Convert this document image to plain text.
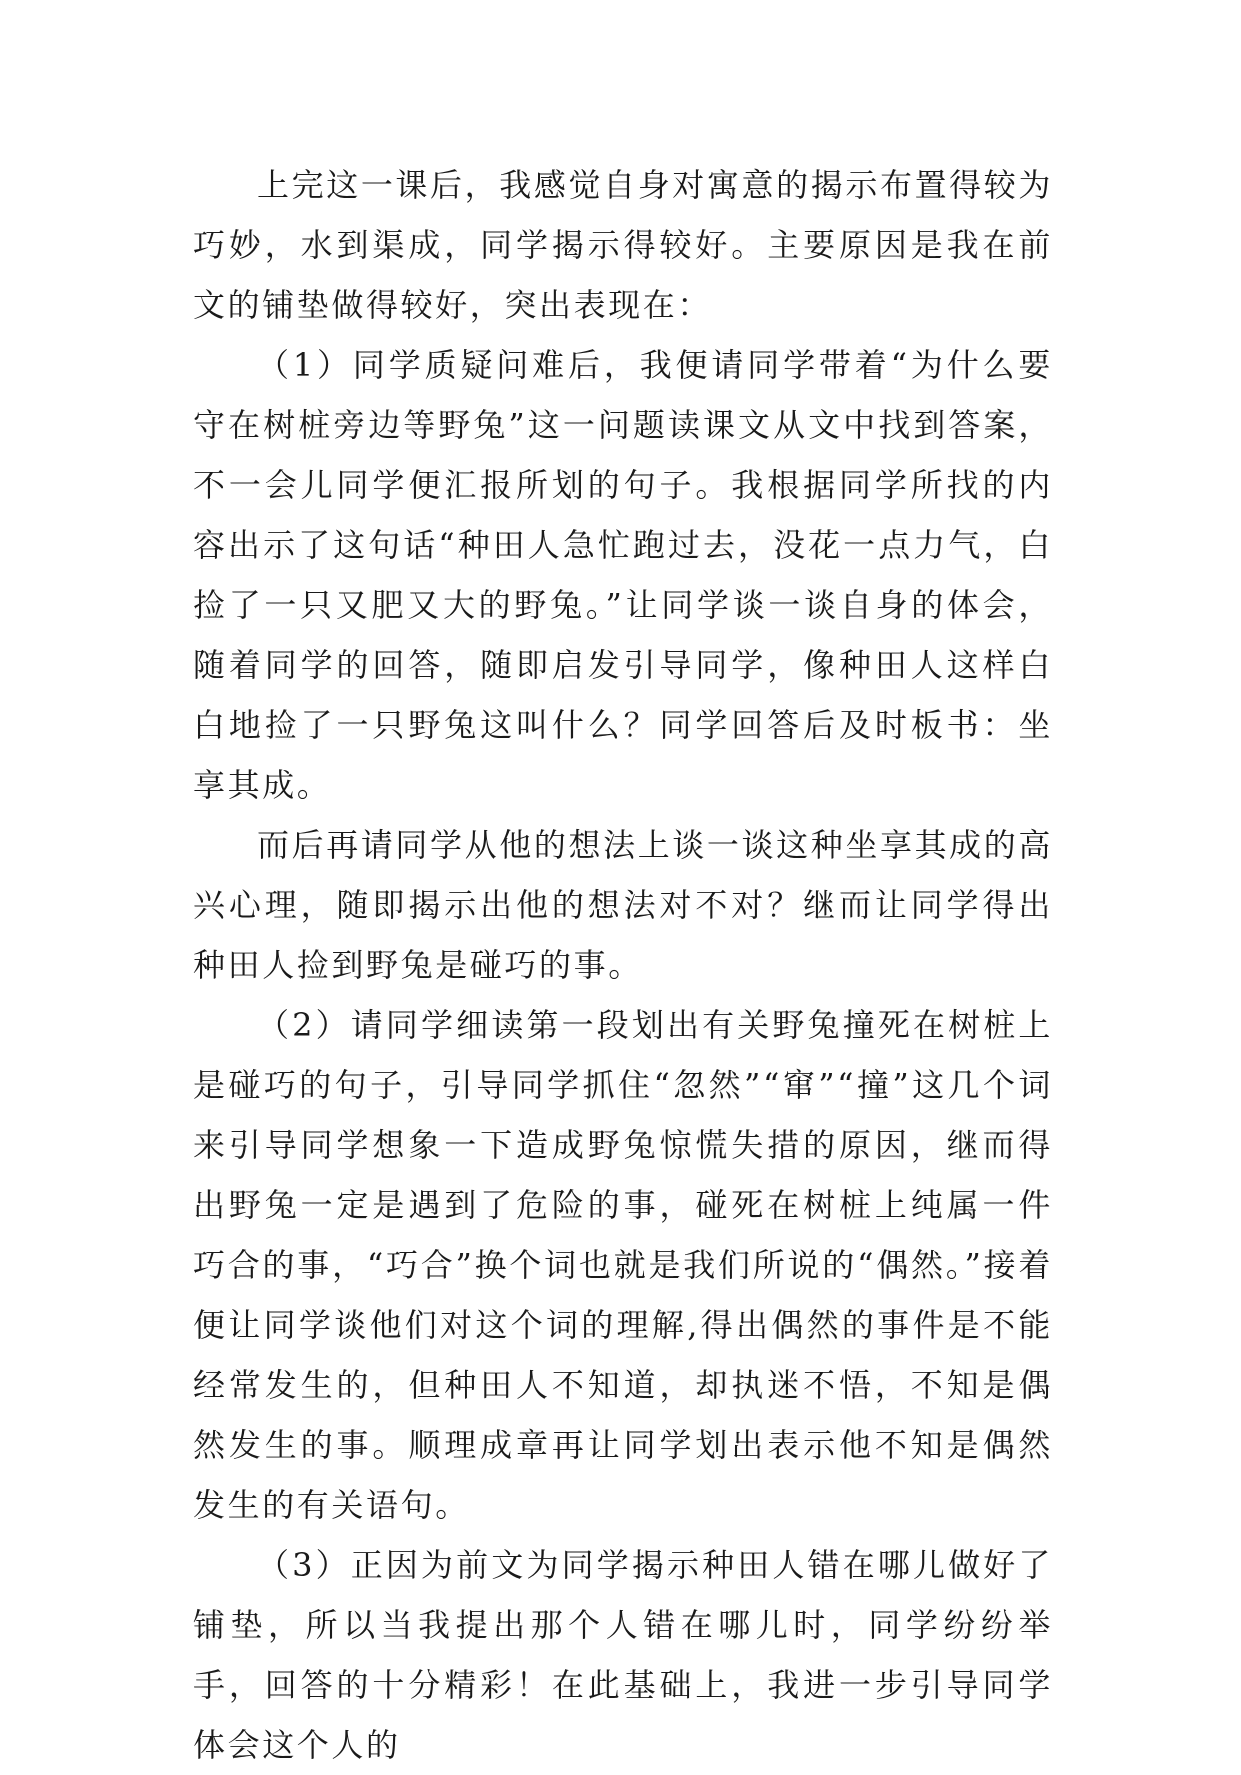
上完这一课后，我感觉自身对寓意的揭示布置得较为巧妙，水到渠成，同学揭示得较好。主要原因是我在前文的铺垫做得较好，突出表现在：

（1）同学质疑问难后，我便请同学带着“为什么要守在树桩旁边等野兔”这一问题读课文从文中找到答案，不一会儿同学便汇报所划的句子。我根据同学所找的内容出示了这句话“种田人急忙跑过去，没花一点力气，白捡了一只又肥又大的野兔。”让同学谈一谈自身的体会，随着同学的回答，随即启发引导同学，像种田人这样白白地捡了一只野兔这叫什么？同学回答后及时板书：坐享其成。

而后再请同学从他的想法上谈一谈这种坐享其成的高兴心理，随即揭示出他的想法对不对？继而让同学得出种田人捡到野兔是碰巧的事。

（2）请同学细读第一段划出有关野兔撞死在树桩上是碰巧的句子，引导同学抓住“忽然”“窜”“撞”这几个词来引导同学想象一下造成野兔惊慌失措的原因，继而得出野兔一定是遇到了危险的事，碰死在树桩上纯属一件巧合的事，“巧合”换个词也就是我们所说的“偶然。”接着便让同学谈他们对这个词的理解,得出偶然的事件是不能经常发生的，但种田人不知道，却执迷不悟，不知是偶然发生的事。顺理成章再让同学划出表示他不知是偶然发生的有关语句。

（3）正因为前文为同学揭示种田人错在哪儿做好了铺垫，所以当我提出那个人错在哪儿时，同学纷纷举手，回答的十分精彩！在此基础上，我进一步引导同学体会这个人的
